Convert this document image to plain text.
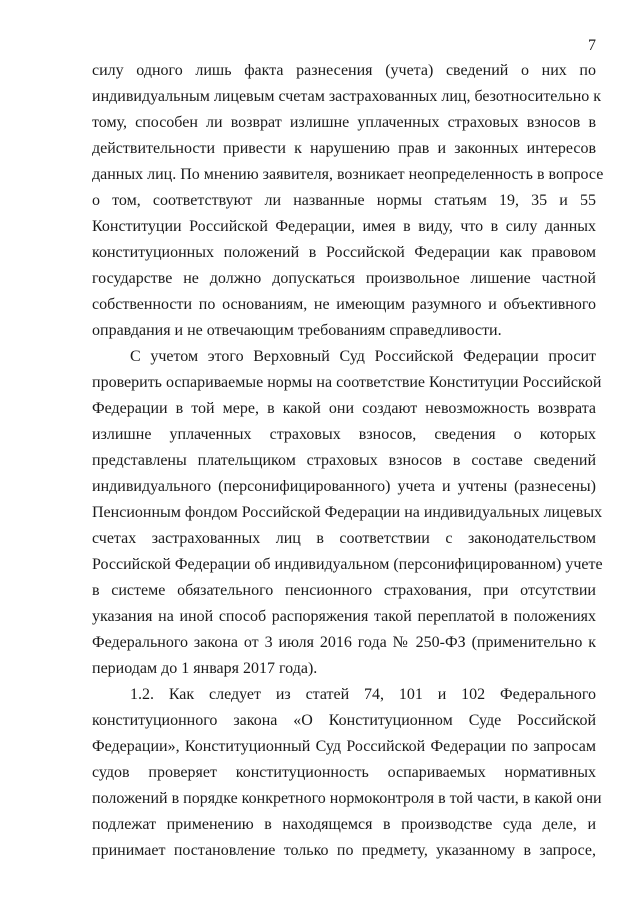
7
силу одного лишь факта разнесения (учета) сведений о них по
индивидуальным лицевым счетам застрахованных лиц, безотносительно к
тому, способен ли возврат излишне уплаченных страховых взносов в
действительности привести к нарушению прав и законных интересов
данных лиц. По мнению заявителя, возникает неопределенность в вопросе
о том, соответствуют ли названные нормы статьям 19, 35 и 55
Конституции Российской Федерации, имея в виду, что в силу данных
конституционных положений в Российской Федерации как правовом
государстве не должно допускаться произвольное лишение частной
собственности по основаниям, не имеющим разумного и объективного
оправдания и не отвечающим требованиям справедливости.
С учетом этого Верховный Суд Российской Федерации просит
проверить оспариваемые нормы на соответствие Конституции Российской
Федерации в той мере, в какой они создают невозможность возврата
излишне уплаченных страховых взносов, сведения о которых
представлены плательщиком страховых взносов в составе сведений
индивидуального (персонифицированного) учета и учтены (разнесены)
Пенсионным фондом Российской Федерации на индивидуальных лицевых
счетах застрахованных лиц в соответствии с законодательством
Российской Федерации об индивидуальном (персонифицированном) учете
в системе обязательного пенсионного страхования, при отсутствии
указания на иной способ распоряжения такой переплатой в положениях
Федерального закона от 3 июля 2016 года № 250-ФЗ (применительно к
периодам до 1 января 2017 года).
1.2. Как следует из статей 74, 101 и 102 Федерального
конституционного закона «О Конституционном Суде Российской
Федерации», Конституционный Суд Российской Федерации по запросам
судов проверяет конституционность оспариваемых нормативных
положений в порядке конкретного нормоконтроля в той части, в какой они
подлежат применению в находящемся в производстве суда деле, и
принимает постановление только по предмету, указанному в запросе,
